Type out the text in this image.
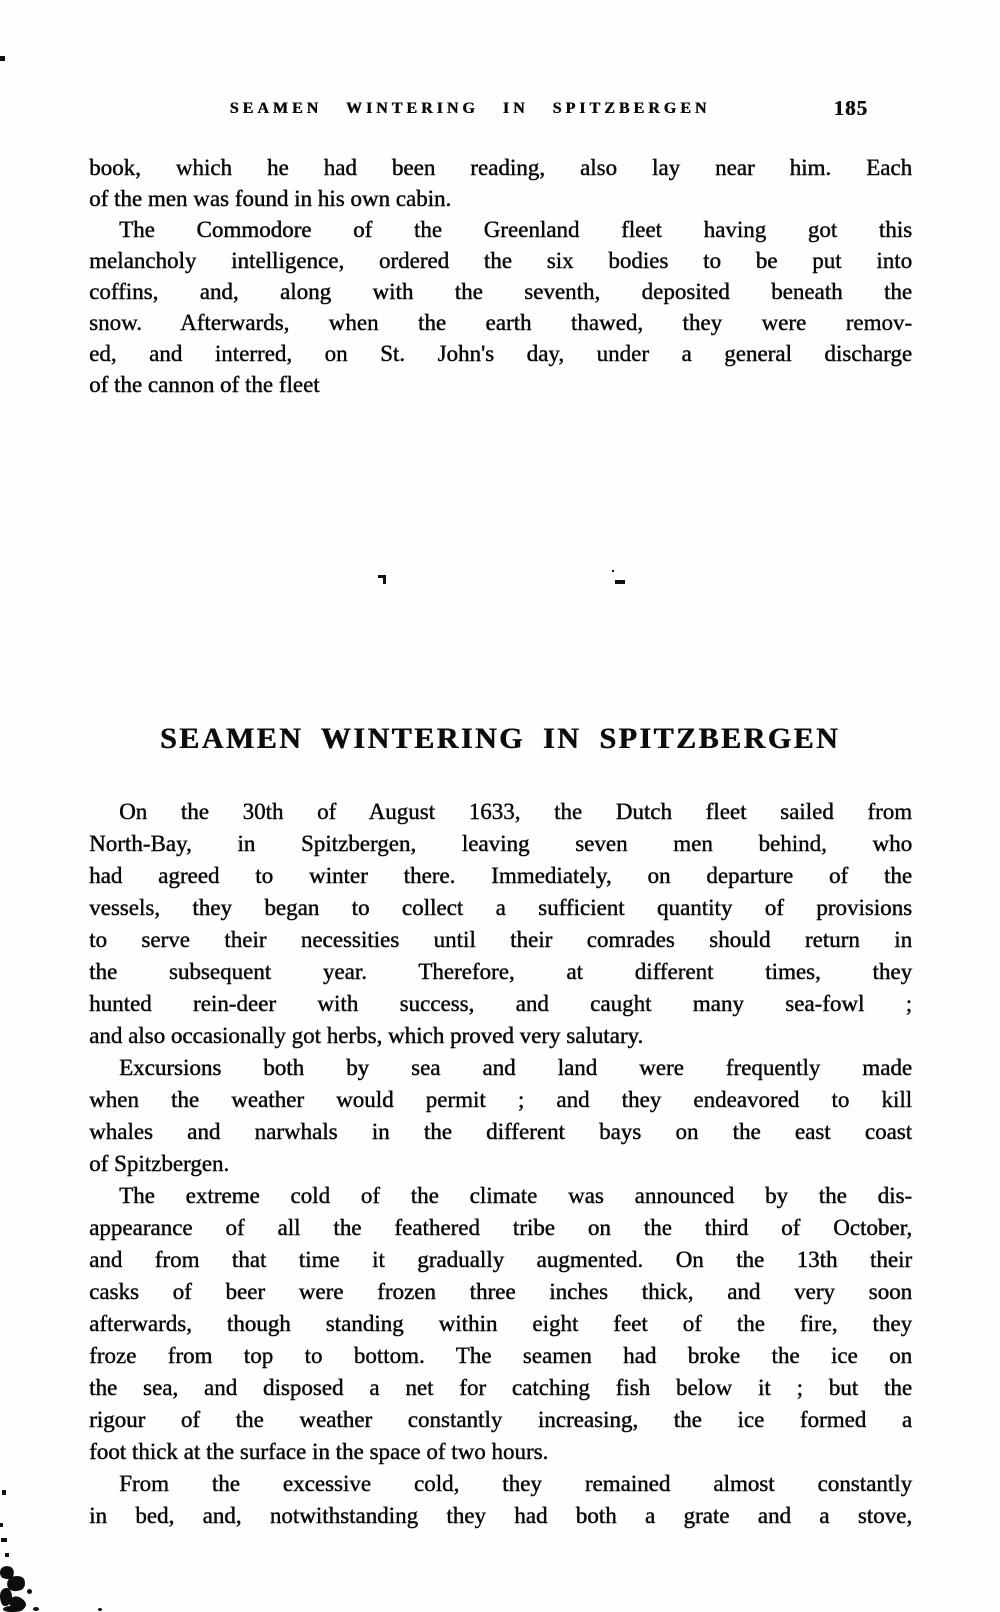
SEAMEN WINTERING IN SPITZBERGEN	185
book, which he had been reading, also lay near him. Each
of the men was found in his own cabin.
The Commodore of the Greenland fleet having got this
melancholy intelligence, ordered the six bodies to be put into
coffins, and, along with the seventh, deposited beneath the
snow. Afterwards, when the earth thawed, they were remov-
ed, and interred, on St. John's day, under a general discharge
of the cannon of the fleet
SEAMEN WINTERING IN SPITZBERGEN
On the 30th of August 1633, the Dutch fleet sailed from
North-Bay, in Spitzbergen, leaving seven men behind, who
had agreed to winter there. Immediately, on departure of the
vessels, they began to collect a sufficient quantity of provisions
to serve their necessities until their comrades should return in
the subsequent year. Therefore, at different times, they
hunted rein-deer with success, and caught many sea-fowl ;
and also occasionally got herbs, which proved very salutary.
Excursions both by sea and land were frequently made
when the weather would permit ; and they endeavored to kill
whales and narwhals in the different bays on the east coast
of Spitzbergen.
The extreme cold of the climate was announced by the dis-
appearance of all the feathered tribe on the third of October,
and from that time it gradually augmented. On the 13th their
casks of beer were frozen three inches thick, and very soon
afterwards, though standing within eight feet of the fire, they
froze from top to bottom. The seamen had broke the ice on
the sea, and disposed a net for catching fish below it ; but the
rigour of the weather constantly increasing, the ice formed a
foot thick at the surface in the space of two hours.
From the excessive cold, they remained almost constantly
in bed, and, notwithstanding they had both a grate and a stove,
